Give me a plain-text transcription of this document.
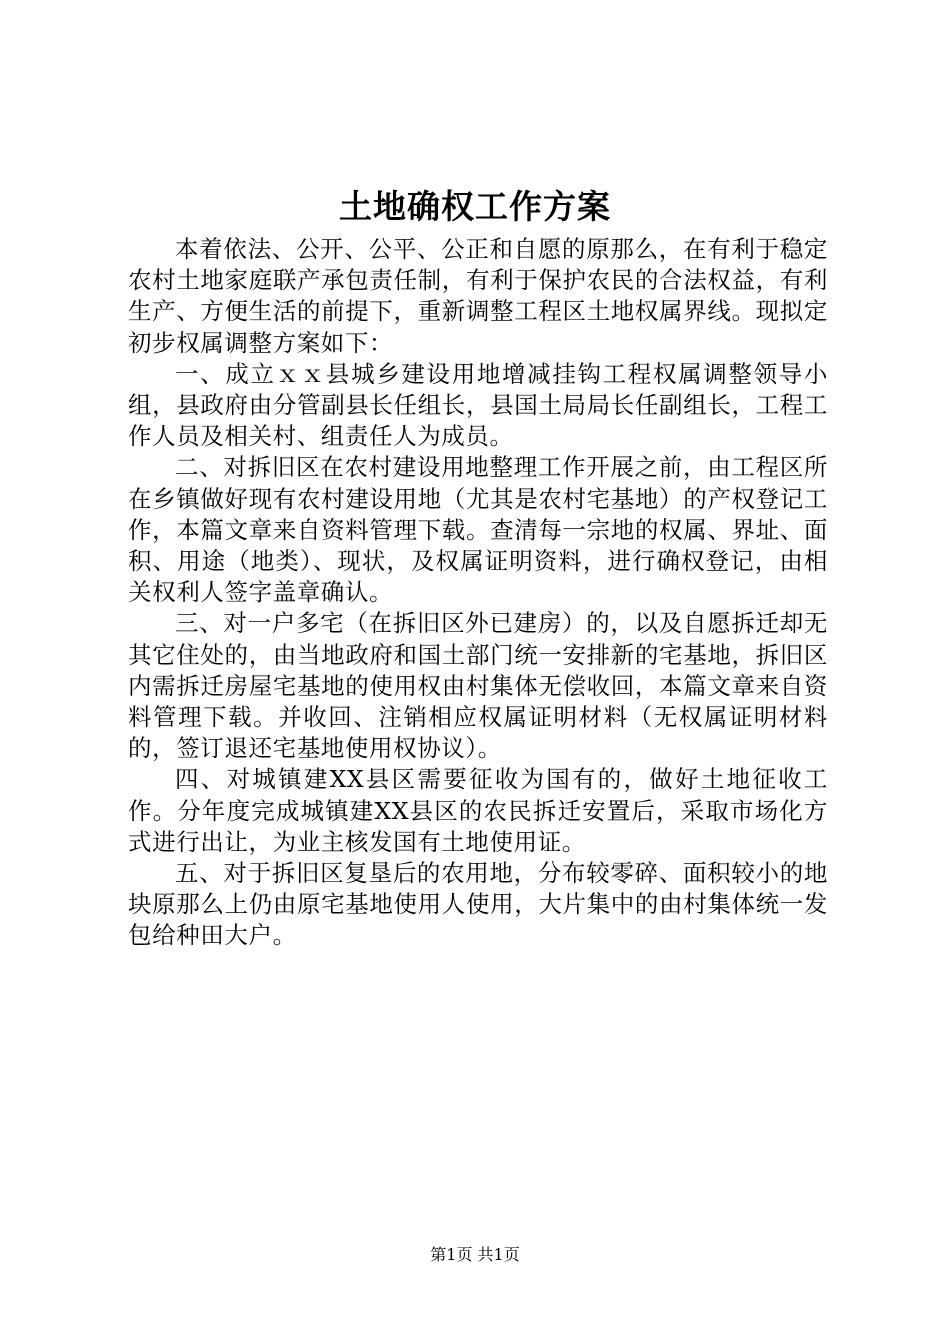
土地确权工作方案

本着依法、公开、公平、公正和自愿的原那么，在有利于稳定农村土地家庭联产承包责任制，有利于保护农民的合法权益，有利生产、方便生活的前提下，重新调整工程区土地权属界线。现拟定初步权属调整方案如下：

一、成立ｘｘ县城乡建设用地增减挂钩工程权属调整领导小组，县政府由分管副县长任组长，县国土局局长任副组长，工程工作人员及相关村、组责任人为成员。

二、对拆旧区在农村建设用地整理工作开展之前，由工程区所在乡镇做好现有农村建设用地（尤其是农村宅基地）的产权登记工作，本篇文章来自资料管理下载。查清每一宗地的权属、界址、面积、用途（地类）、现状，及权属证明资料，进行确权登记，由相关权利人签字盖章确认。

三、对一户多宅（在拆旧区外已建房）的，以及自愿拆迁却无其它住处的，由当地政府和国土部门统一安排新的宅基地，拆旧区内需拆迁房屋宅基地的使用权由村集体无偿收回，本篇文章来自资料管理下载。并收回、注销相应权属证明材料（无权属证明材料的，签订退还宅基地使用权协议）。

四、对城镇建XX县区需要征收为国有的，做好土地征收工作。分年度完成城镇建XX县区的农民拆迁安置后，采取市场化方式进行出让，为业主核发国有土地使用证。

五、对于拆旧区复垦后的农用地，分布较零碎、面积较小的地块原那么上仍由原宅基地使用人使用，大片集中的由村集体统一发包给种田大户。

第1页 共1页
